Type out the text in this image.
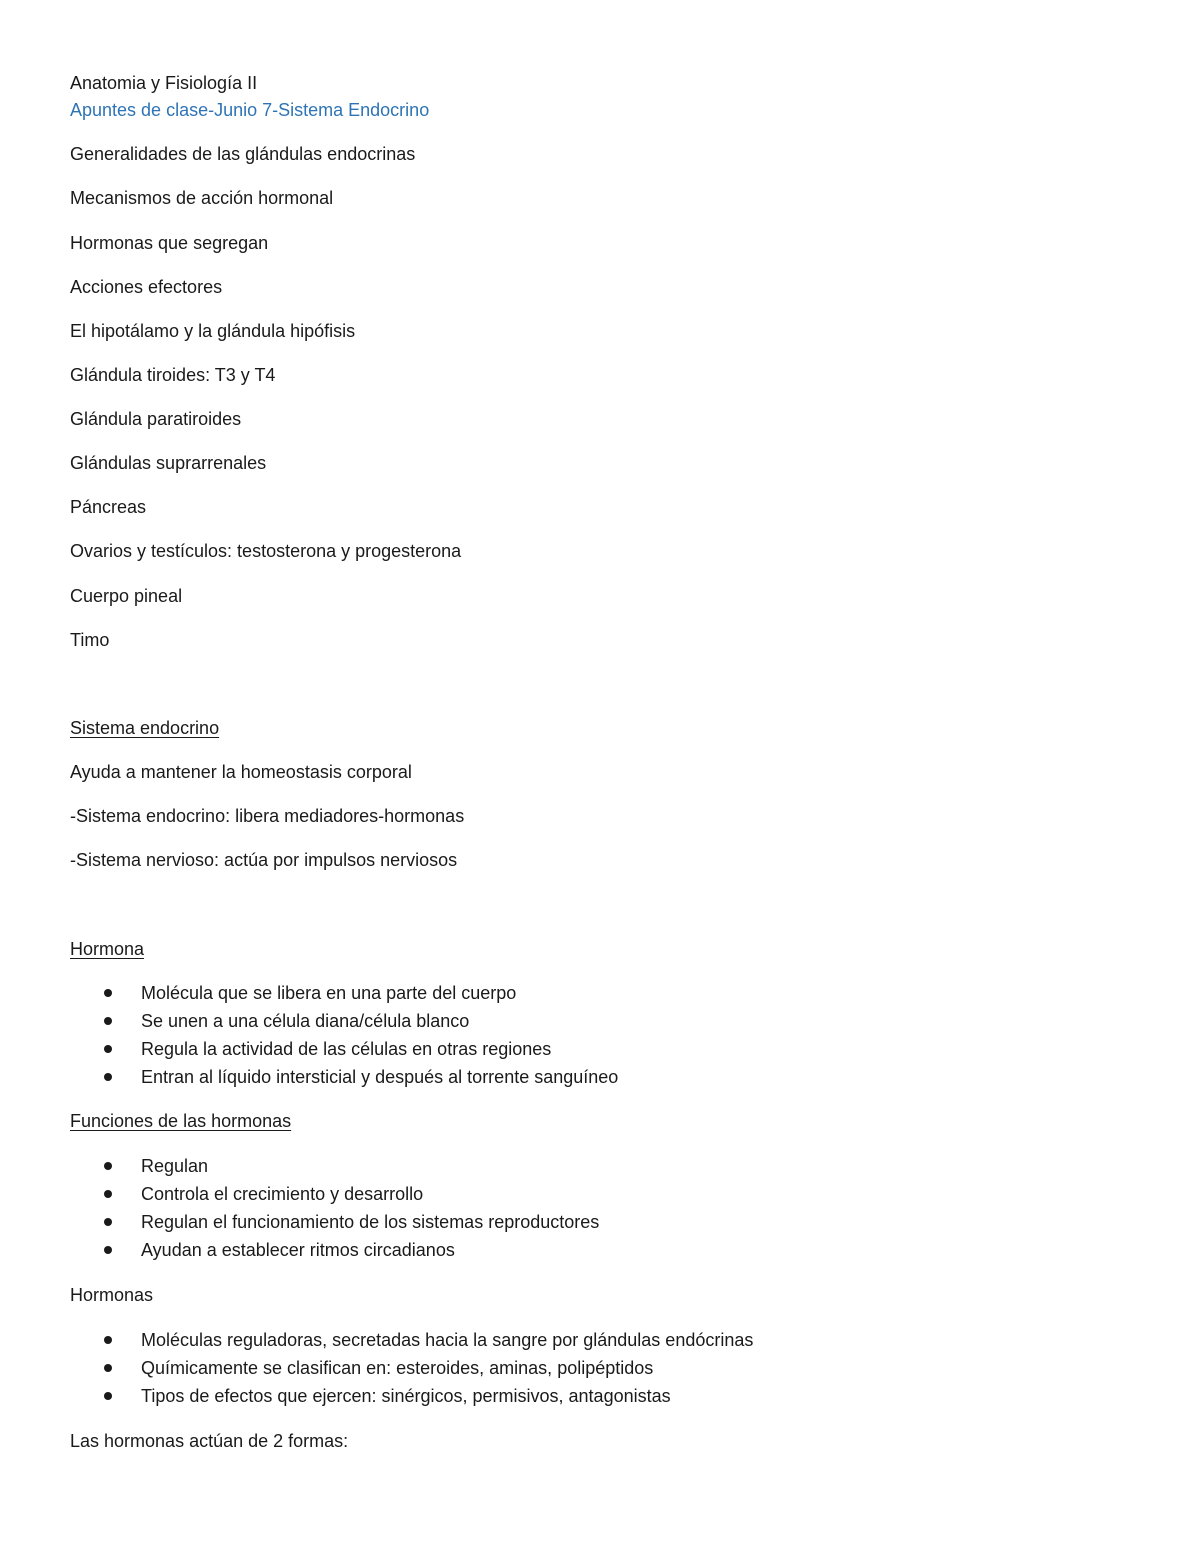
Anatomia y Fisiología II
Apuntes de clase-Junio 7-Sistema Endocrino
Generalidades de las glándulas endocrinas
Mecanismos de acción hormonal
Hormonas que segregan
Acciones efectores
El hipotálamo y la glándula hipófisis
Glándula tiroides: T3 y T4
Glándula paratiroides
Glándulas suprarrenales
Páncreas
Ovarios y testículos: testosterona y progesterona
Cuerpo pineal
Timo
Sistema endocrino
Ayuda a mantener la homeostasis corporal
-Sistema endocrino: libera mediadores-hormonas
-Sistema nervioso: actúa por impulsos nerviosos
Hormona
Molécula que se libera en una parte del cuerpo
Se unen a una célula diana/célula blanco
Regula la actividad de las células en otras regiones
Entran al líquido intersticial y después al torrente sanguíneo
Funciones de las hormonas
Regulan
Controla el crecimiento y desarrollo
Regulan el funcionamiento de los sistemas reproductores
Ayudan a establecer ritmos circadianos
Hormonas
Moléculas reguladoras, secretadas hacia la sangre por glándulas endócrinas
Químicamente se clasifican en: esteroides, aminas, polipéptidos
Tipos de efectos que ejercen: sinérgicos, permisivos, antagonistas
Las hormonas actúan de 2 formas:
